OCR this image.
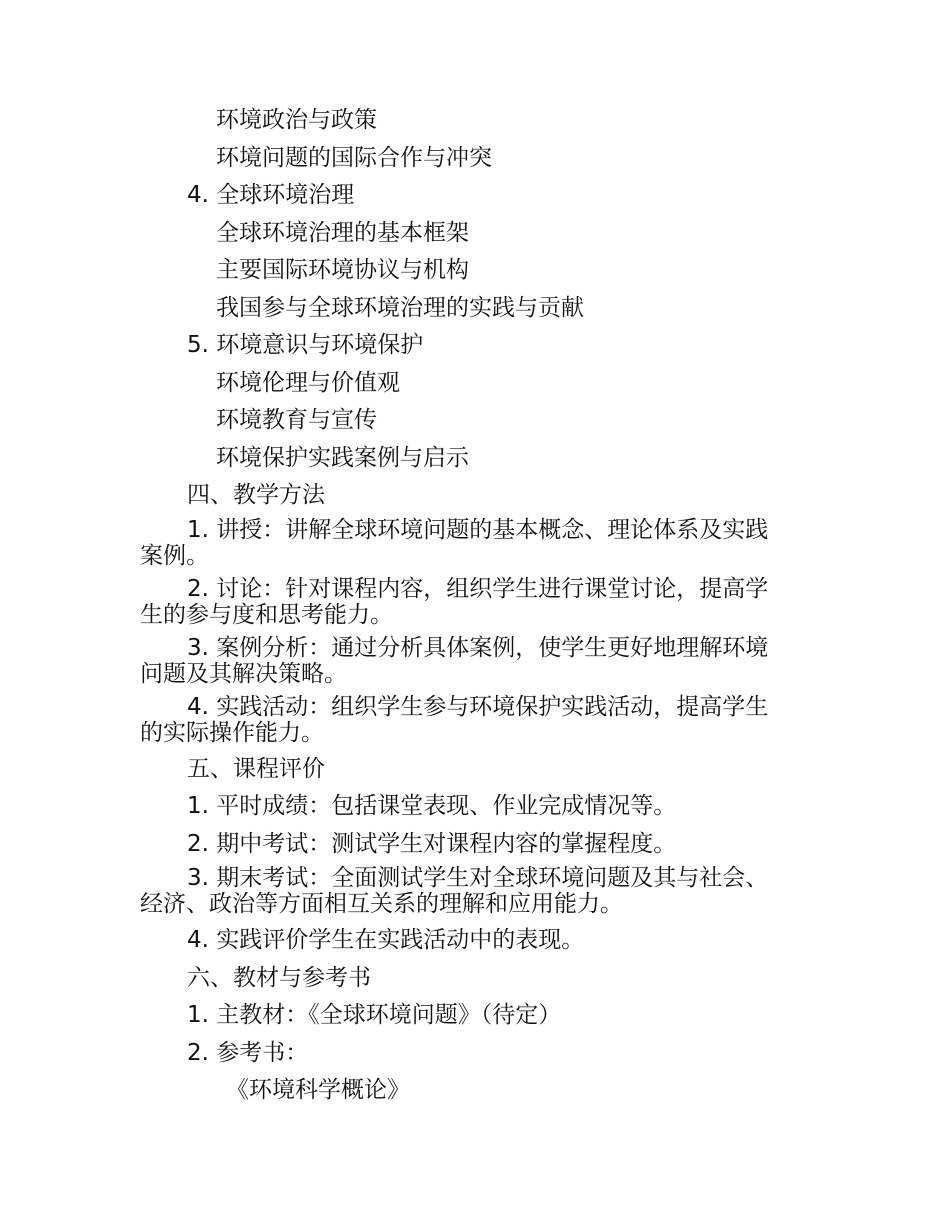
环境政治与政策
环境问题的国际合作与冲突
4. 全球环境治理
全球环境治理的基本框架
主要国际环境协议与机构
我国参与全球环境治理的实践与贡献
5. 环境意识与环境保护
环境伦理与价值观
环境教育与宣传
环境保护实践案例与启示
四、教学方法
1. 讲授：讲解全球环境问题的基本概念、理论体系及实践
案例。
2. 讨论：针对课程内容，组织学生进行课堂讨论，提高学
生的参与度和思考能力。
3. 案例分析：通过分析具体案例，使学生更好地理解环境
问题及其解决策略。
4. 实践活动：组织学生参与环境保护实践活动，提高学生
的实际操作能力。
五、课程评价
1. 平时成绩：包括课堂表现、作业完成情况等。
2. 期中考试：测试学生对课程内容的掌握程度。
3. 期末考试：全面测试学生对全球环境问题及其与社会、
经济、政治等方面相互关系的理解和应用能力。
4. 实践评价学生在实践活动中的表现。
六、教材与参考书
1. 主教材：《全球环境问题》（待定）
2. 参考书：
《环境科学概论》
